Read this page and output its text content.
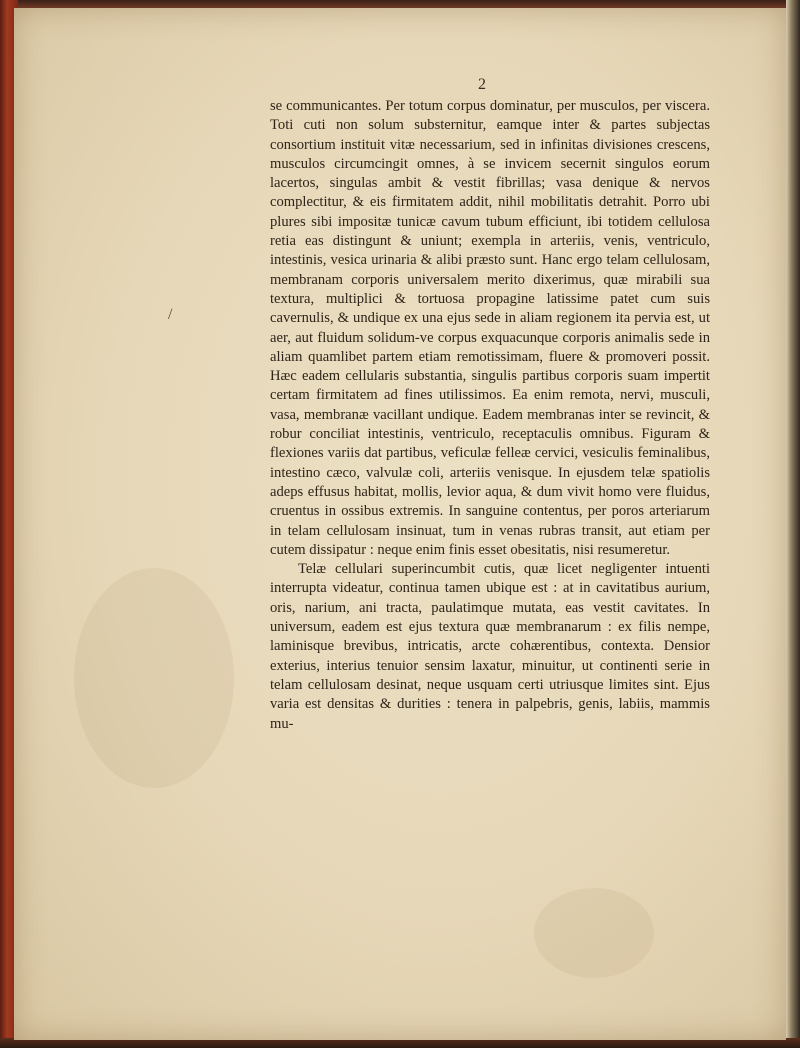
2
/

se communicantes. Per totum corpus dominatur, per musculos, per viscera. Toti cuti non solum substernitur, eamque inter & partes subjectas consortium instituit vitæ necessarium, sed in infinitas divisiones crescens, musculos circumcingit omnes, à se invicem secernit singulos eorum lacertos, singulas ambit & vestit fibrillas; vasa denique & nervos complectitur, & eis firmitatem addit, nihil mobilitatis detrahit. Porro ubi plures sibi impositæ tunicæ cavum tubum efficiunt, ibi totidem cellulosa retia eas distingunt & uniunt; exempla in arteriis, venis, ventriculo, intestinis, vesica urinaria & alibi præsto sunt. Hanc ergo telam cellulosam, membranam corporis universalem merito dixerimus, quæ mirabili sua textura, multiplici & tortuosa propagine latissime patet cum suis cavernulis, & undique ex una ejus sede in aliam regionem ita pervia est, ut aer, aut fluidum solidum-ve corpus exquacunque corporis animalis sede in aliam quamlibet partem etiam remotissimam, fluere & promoveri possit. Hæc eadem cellularis substantia, singulis partibus corporis suam impertit certam firmitatem ad fines utilissimos. Ea enim remota, nervi, musculi, vasa, membranæ vacillant undique. Eadem membranas inter se revincit, & robur conciliat intestinis, ventriculo, receptaculis omnibus. Figuram & flexiones variis dat partibus, veficulæ felleæ cervici, vesiculis feminalibus, intestino cæco, valvulæ coli, arteriis venisque. In ejusdem telæ spatiolis adeps effusus habitat, mollis, levior aqua, & dum vivit homo vere fluidus, cruentus in ossibus extremis. In sanguine contentus, per poros arteriarum in telam cellulosam insinuat, tum in venas rubras transit, aut etiam per cutem dissipatur : neque enim finis esset obesitatis, nisi resumeretur.

Telæ cellulari superincumbit cutis, quæ licet negligenter intuenti interrupta videatur, continua tamen ubique est : at in cavitatibus aurium, oris, narium, ani tracta, paulatimque mutata, eas vestit cavitates. In universum, eadem est ejus textura quæ membranarum : ex filis nempe, laminisque brevibus, intricatis, arcte cohærentibus, contexta. Densior exterius, interius tenuior sensim laxatur, minuitur, ut continenti serie in telam cellulosam desinat, neque usquam certi utriusque limites sint. Ejus varia est densitas & durities : tenera in palpebris, genis, labiis, mammis mu-
